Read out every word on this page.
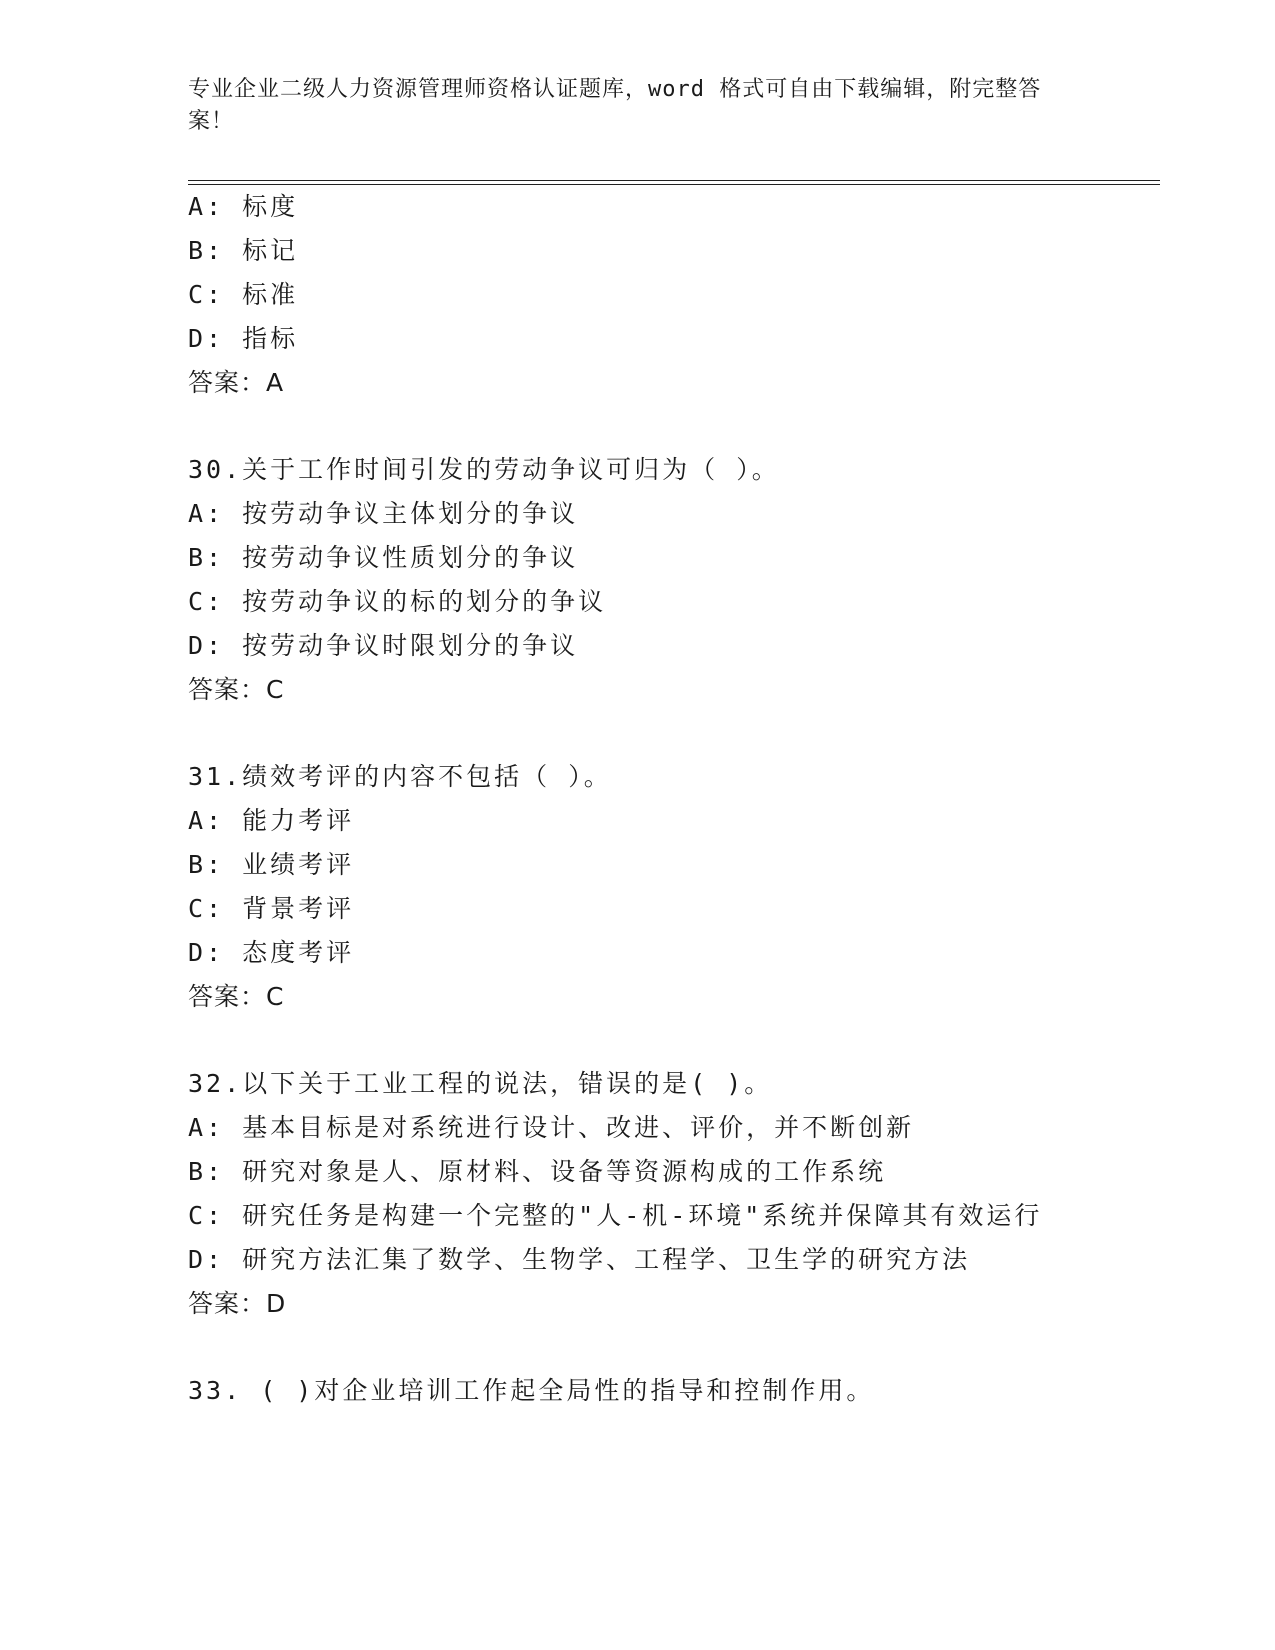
专业企业二级人力资源管理师资格认证题库，word 格式可自由下载编辑，附完整答案！
A: 标度
B: 标记
C: 标准
D: 指标
答案：A
30.关于工作时间引发的劳动争议可归为（ ）。
A: 按劳动争议主体划分的争议
B: 按劳动争议性质划分的争议
C: 按劳动争议的标的划分的争议
D: 按劳动争议时限划分的争议
答案：C
31.绩效考评的内容不包括（ ）。
A: 能力考评
B: 业绩考评
C: 背景考评
D: 态度考评
答案：C
32.以下关于工业工程的说法，错误的是( )。
A: 基本目标是对系统进行设计、改进、评价，并不断创新
B: 研究对象是人、原材料、设备等资源构成的工作系统
C: 研究任务是构建一个完整的"人-机-环境"系统并保障其有效运行
D: 研究方法汇集了数学、生物学、工程学、卫生学的研究方法
答案：D
33. ( )对企业培训工作起全局性的指导和控制作用。
